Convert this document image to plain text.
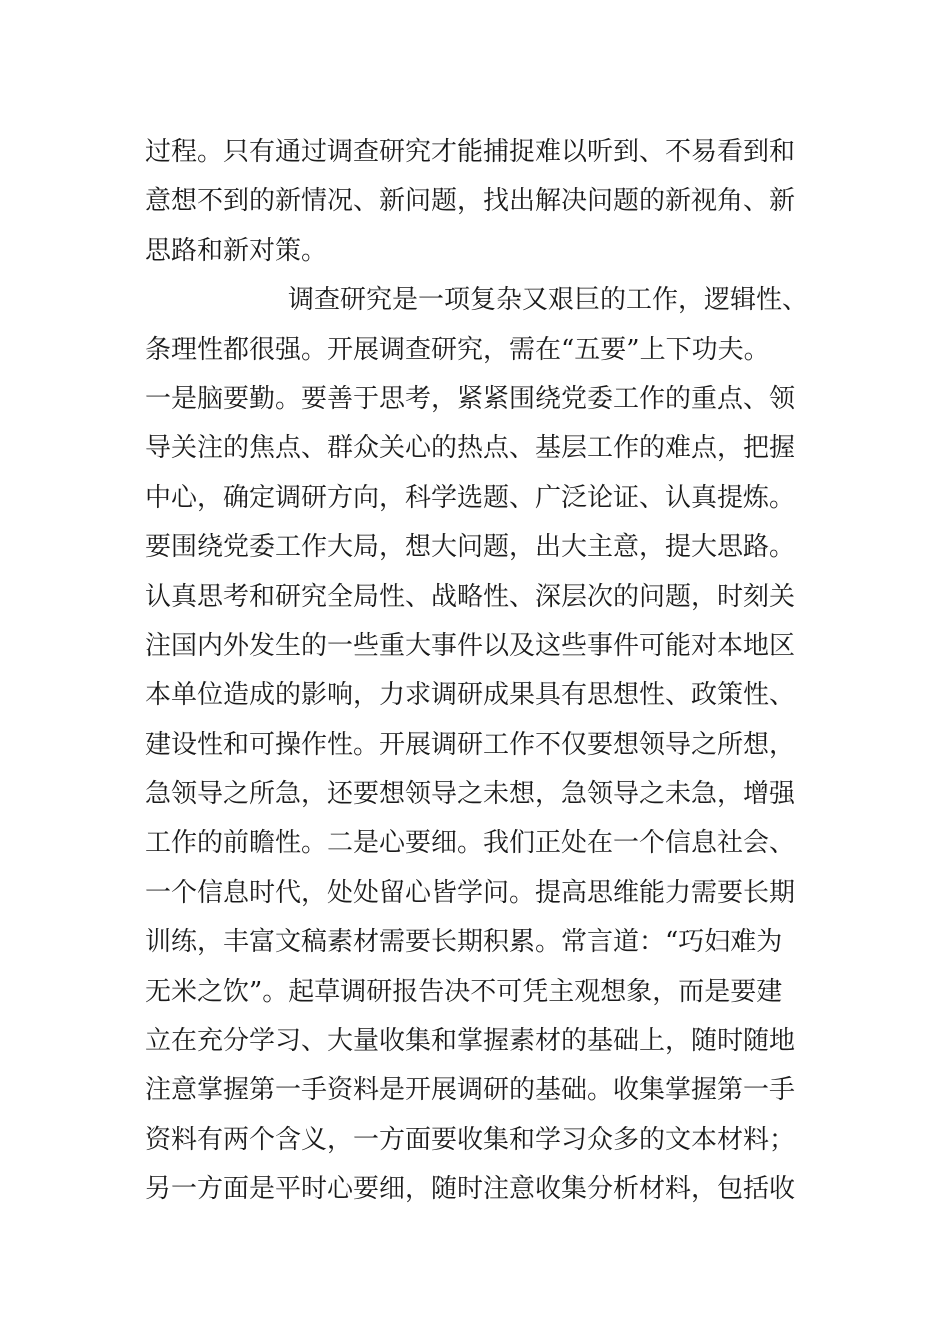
过程。只有通过调查研究才能捕捉难以听到、不易看到和
意想不到的新情况、新问题，找出解决问题的新视角、新
思路和新对策。
调查研究是一项复杂又艰巨的工作，逻辑性、
条理性都很强。开展调查研究，需在“五要”上下功夫。
一是脑要勤。要善于思考，紧紧围绕党委工作的重点、领
导关注的焦点、群众关心的热点、基层工作的难点，把握
中心，确定调研方向，科学选题、广泛论证、认真提炼。
要围绕党委工作大局，想大问题，出大主意，提大思路。
认真思考和研究全局性、战略性、深层次的问题，时刻关
注国内外发生的一些重大事件以及这些事件可能对本地区
本单位造成的影响，力求调研成果具有思想性、政策性、
建设性和可操作性。开展调研工作不仅要想领导之所想，
急领导之所急，还要想领导之未想，急领导之未急，增强
工作的前瞻性。二是心要细。我们正处在一个信息社会、
一个信息时代，处处留心皆学问。提高思维能力需要长期
训练，丰富文稿素材需要长期积累。常言道：“巧妇难为
无米之饮”。起草调研报告决不可凭主观想象，而是要建
立在充分学习、大量收集和掌握素材的基础上，随时随地
注意掌握第一手资料是开展调研的基础。收集掌握第一手
资料有两个含义，一方面要收集和学习众多的文本材料；
另一方面是平时心要细，随时注意收集分析材料，包括收
